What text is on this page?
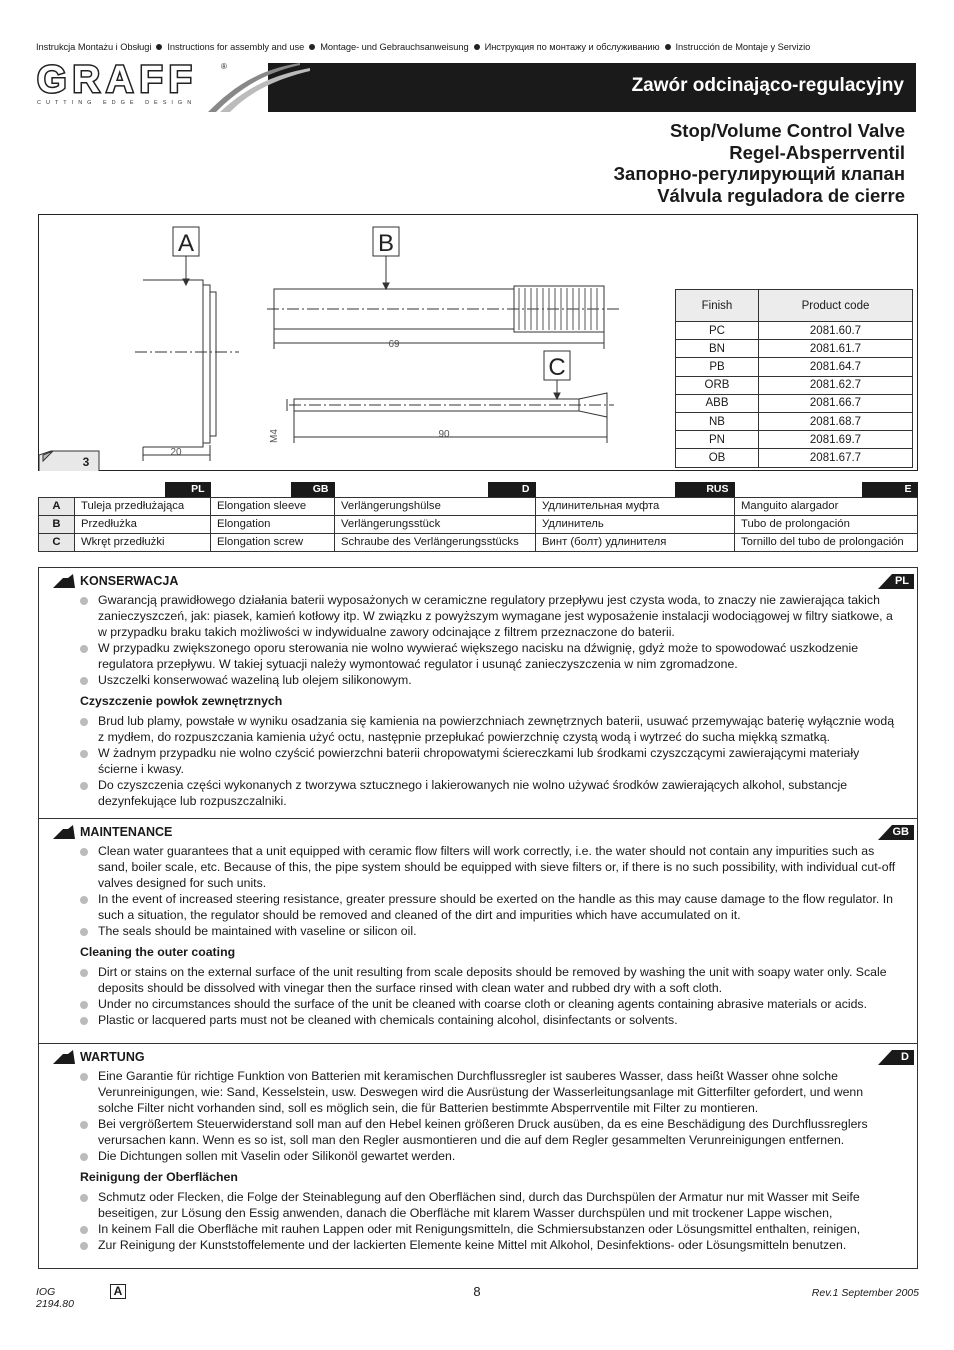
Instrukcja Montażu i Obsługi Instructions for assembly and use Montage- und Gebrauchsanweisung Инструкция по монтажу и обслуживанию Instrucción de Montaje y Servizio
GRAFF
CUTTING EDGE DESIGN
®
Zawór odcinająco-regulacyjny
Stop/Volume Control Valve
Regel-Absperrventil
Запорно-регулирующий клапан
Válvula reguladora de cierre
A	B
C
20
69
90
M4
3
Finish	Product code
PC	2081.60.7
BN	2081.61.7
PB	2081.64.7
ORB	2081.62.7
ABB	2081.66.7
NB	2081.68.7
PN	2081.69.7
OB	2081.67.7

	PL	GB	D	RUS	E

A	Tuleja przedłużająca	Elongation sleeve	Verlängerungshülse	Удлинительная муфта	Manguito alargador
B	Przedłużka	Elongation	Verlängerungsstück	Удлинитель	Tubo de prolongación
C	Wkręt przedłużki	Elongation screw	Schraube des Verlängerungsstücks	Винт (болт) удлинителя	Tornillo del tubo de prolongación
KONSERWACJA	PL
Gwarancją prawidłowego działania baterii wyposażonych w ceramiczne regulatory przepływu jest czysta woda, to znaczy nie zawierająca takich zanieczyszczeń, jak: piasek, kamień kotłowy itp. W związku z powyższym wymagane jest wyposażenie instalacji wodociągowej w filtry siatkowe, a w przypadku braku takich możliwości w indywidualne zawory odcinające z filtrem przeznaczone do baterii.
W przypadku zwiększonego oporu sterowania nie wolno wywierać większego nacisku na dźwignię, gdyż może to spowodować uszkodzenie regulatora przepływu. W takiej sytuacji należy wymontować regulator i usunąć zanieczyszczenia w nim zgromadzone.
Uszczelki konserwować wazeliną lub olejem silikonowym.
Czyszczenie powłok zewnętrznych
Brud lub plamy, powstałe w wyniku osadzania się kamienia na powierzchniach zewnętrznych baterii, usuwać przemywając baterię wyłącznie wodą z mydłem, do rozpuszczania kamienia użyć octu, następnie przepłukać powierzchnię czystą wodą i wytrzeć do sucha miękką szmatką.
W żadnym przypadku nie wolno czyścić powierzchni baterii chropowatymi ściereczkami lub środkami czyszczącymi zawierającymi materiały ścierne i kwasy.
Do czyszczenia części wykonanych z tworzywa sztucznego i lakierowanych nie wolno używać środków zawierających alkohol, substancje dezynfekujące lub rozpuszczalniki.
MAINTENANCE	GB
Clean water guarantees that a unit equipped with ceramic flow filters will work correctly, i.e. the water should not contain any impurities such as sand, boiler scale, etc. Because of this, the pipe system should be equipped with sieve filters or, if there is no such possibility, with individual cut-off valves designed for such units.
In the event of increased steering resistance, greater pressure should be exerted on the handle as this may cause damage to the flow regulator. In such a situation, the regulator should be removed and cleaned of the dirt and impurities which have accumulated on it.
The seals should be maintained with vaseline or silicon oil.
Cleaning the outer coating
Dirt or stains on the external surface of the unit resulting from scale deposits should be removed by washing the unit with soapy water only. Scale deposits should be dissolved with vinegar then the surface rinsed with clean water and rubbed dry with a soft cloth.
Under no circumstances should the surface of the unit be cleaned with coarse cloth or cleaning agents containing abrasive materials or acids.
Plastic or lacquered parts must not be cleaned with chemicals containing alcohol, disinfectants or solvents.
WARTUNG	D
Eine Garantie für richtige Funktion von Batterien mit keramischen Durchflussregler ist sauberes Wasser, dass heißt Wasser ohne solche Verunreinigungen, wie: Sand, Kesselstein, usw. Deswegen wird die Ausrüstung der Wasserleitungsanlage mit Gitterfilter gefordert, und wenn solche Filter nicht vorhanden sind, soll es möglich sein, die für Batterien bestimmte Absperrventile mit Filter zu montieren.
Bei vergrößertem Steuerwiderstand soll man auf den Hebel keinen größeren Druck ausüben, da es eine Beschädigung des Durchflussreglers verursachen kann. Wenn es so ist, soll man den Regler ausmontieren und die auf dem Regler gesammelten Verunreinigungen entfernen.
Die Dichtungen sollen mit Vaselin oder Silikonöl gewartet werden.
Reinigung der Oberflächen
Schmutz oder Flecken, die Folge der Steinablegung auf den Oberflächen sind, durch das Durchspülen der Armatur nur mit Wasser mit Seife beseitigen, zur Lösung den Essig anwenden, danach die Oberfläche mit klarem Wasser durchspülen und mit trockener Lappe wischen,
In keinem Fall die Oberfläche mit rauhen Lappen oder mit Renigungsmitteln, die Schmiersubstanzen oder Lösungsmittel enthalten, reinigen,
Zur Reinigung der Kunststoffelemente und der lackierten Elemente keine Mittel mit Alkohol, Desinfektions- oder Lösungsmitteln benutzen.
IOG 2194.80
A	8	Rev.1 September 2005
